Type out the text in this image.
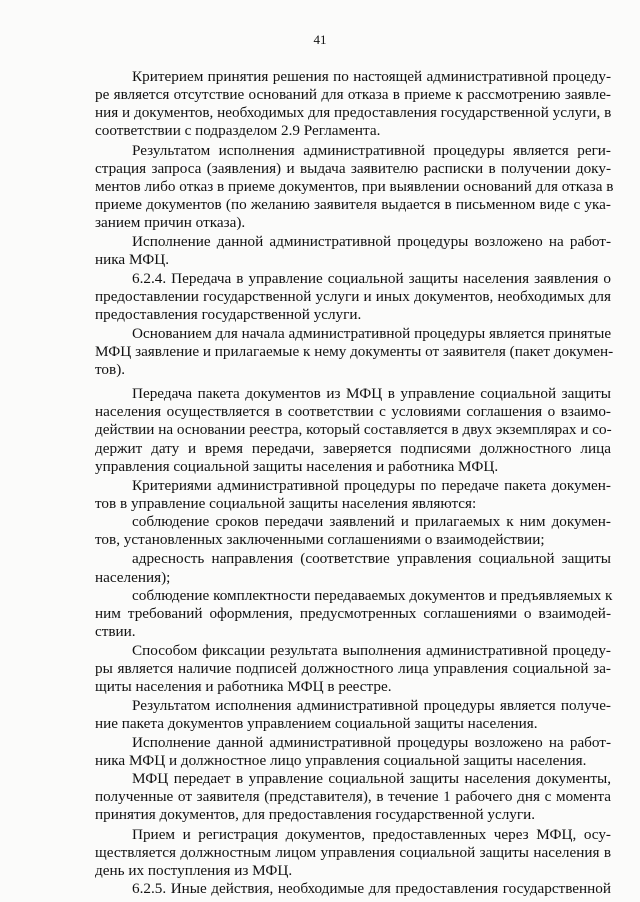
41
Критерием принятия решения по настоящей административной процеду-
ре является отсутствие оснований для отказа в приеме к рассмотрению заявле-
ния и документов, необходимых для предоставления государственной услуги, в
соответствии с подразделом 2.9 Регламента.
Результатом исполнения административной процедуры является реги-
страция запроса (заявления) и выдача заявителю расписки в получении доку-
ментов либо отказ в приеме документов, при выявлении оснований для отказа в
приеме документов (по желанию заявителя выдается в письменном виде с ука-
занием причин отказа).
Исполнение данной административной процедуры возложено на работ-
ника МФЦ.
6.2.4. Передача в управление социальной защиты населения заявления о
предоставлении государственной услуги и иных документов, необходимых для
предоставления государственной услуги.
Основанием для начала административной процедуры является принятые
МФЦ заявление и прилагаемые к нему документы от заявителя (пакет докумен-
тов).
Передача пакета документов из МФЦ в управление социальной защиты
населения осуществляется в соответствии с условиями соглашения о взаимо-
действии на основании реестра, который составляется в двух экземплярах и со-
держит дату и время передачи, заверяется подписями должностного лица
управления социальной защиты населения и работника МФЦ.
Критериями административной процедуры по передаче пакета докумен-
тов в управление социальной защиты населения являются:
соблюдение сроков передачи заявлений и прилагаемых к ним докумен-
тов, установленных заключенными соглашениями о взаимодействии;
адресность направления (соответствие управления социальной защиты
населения);
соблюдение комплектности передаваемых документов и предъявляемых к
ним требований оформления, предусмотренных соглашениями о взаимодей-
ствии.
Способом фиксации результата выполнения административной процеду-
ры является наличие подписей должностного лица управления социальной за-
щиты населения и работника МФЦ в реестре.
Результатом исполнения административной процедуры является получе-
ние пакета документов управлением социальной защиты населения.
Исполнение данной административной процедуры возложено на работ-
ника МФЦ и должностное лицо управления социальной защиты населения.
МФЦ передает в управление социальной защиты населения документы,
полученные от заявителя (представителя), в течение 1 рабочего дня с момента
принятия документов, для предоставления государственной услуги.
Прием и регистрация документов, предоставленных через МФЦ, осу-
ществляется должностным лицом управления социальной защиты населения в
день их поступления из МФЦ.
6.2.5. Иные действия, необходимые для предоставления государственной
